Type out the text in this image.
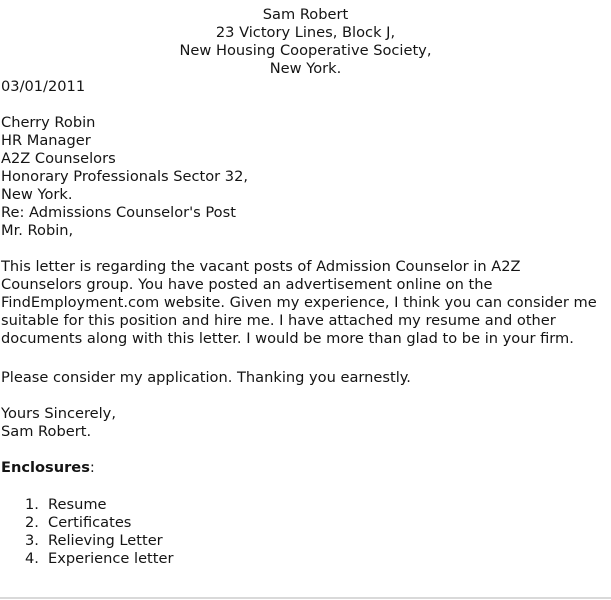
Sam Robert
23 Victory Lines, Block J,
New Housing Cooperative Society,
New York.
03/01/2011
Cherry Robin
HR Manager
A2Z Counselors
Honorary Professionals Sector 32,
New York.
Re: Admissions Counselor's Post
Mr. Robin,
This letter is regarding the vacant posts of Admission Counselor in A2Z
Counselors group. You have posted an advertisement online on the
FindEmployment.com website. Given my experience, I think you can consider me
suitable for this position and hire me. I have attached my resume and other
documents along with this letter. I would be more than glad to be in your firm.
Please consider my application. Thanking you earnestly.
Yours Sincerely,
Sam Robert.
Enclosures:
1. Resume
2. Certificates
3. Relieving Letter
4. Experience letter
